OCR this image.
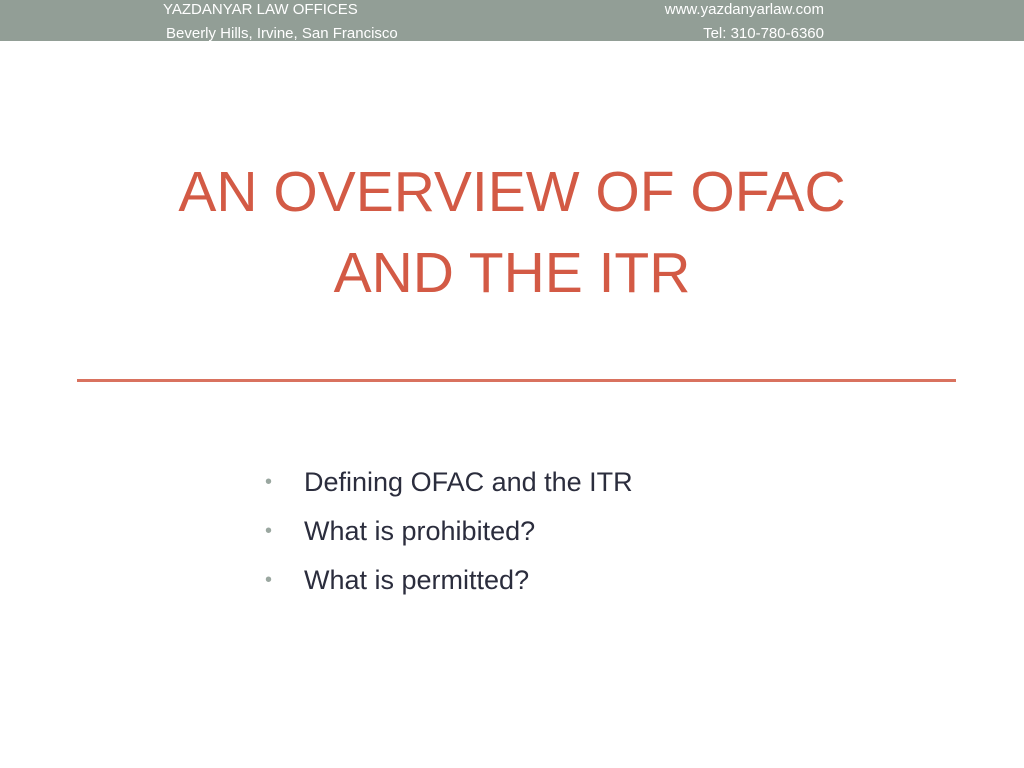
YAZDANYAR LAW OFFICES
Beverly Hills, Irvine, San Francisco
www.yazdanyarlaw.com
Tel: 310-780-6360
AN OVERVIEW OF OFAC
AND THE ITR
• Defining OFAC and the ITR
• What is prohibited?
• What is permitted?
